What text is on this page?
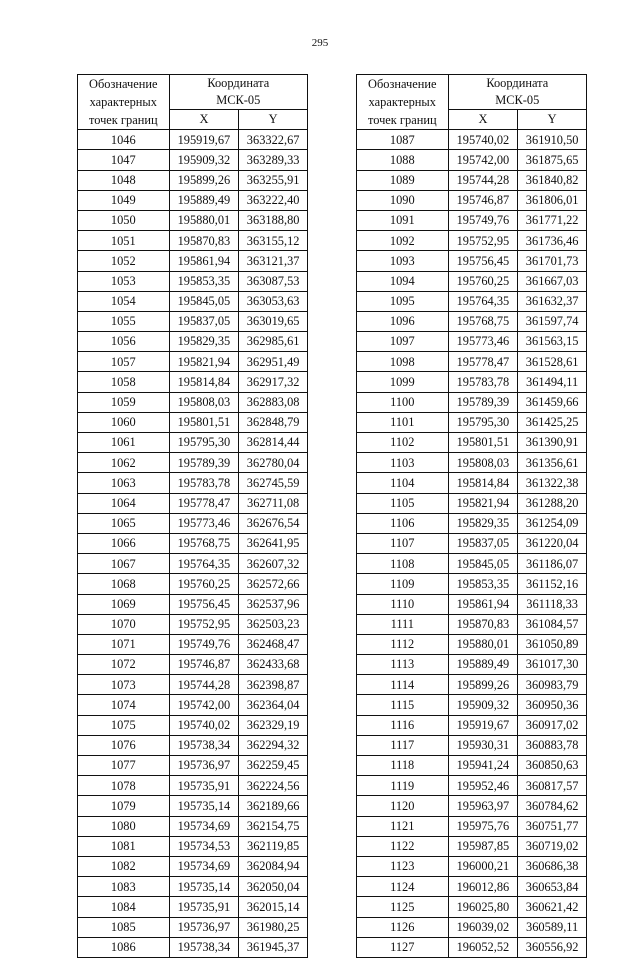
295
Обозначение
характерных
точек границ	Координата
МСК-05	
	X	Y
1046	195919,67	363322,67
1047	195909,32	363289,33
1048	195899,26	363255,91
1049	195889,49	363222,40
1050	195880,01	363188,80
1051	195870,83	363155,12
1052	195861,94	363121,37
1053	195853,35	363087,53
1054	195845,05	363053,63
1055	195837,05	363019,65
1056	195829,35	362985,61
1057	195821,94	362951,49
1058	195814,84	362917,32
1059	195808,03	362883,08
1060	195801,51	362848,79
1061	195795,30	362814,44
1062	195789,39	362780,04
1063	195783,78	362745,59
1064	195778,47	362711,08
1065	195773,46	362676,54
1066	195768,75	362641,95
1067	195764,35	362607,32
1068	195760,25	362572,66
1069	195756,45	362537,96
1070	195752,95	362503,23
1071	195749,76	362468,47
1072	195746,87	362433,68
1073	195744,28	362398,87
1074	195742,00	362364,04
1075	195740,02	362329,19
1076	195738,34	362294,32
1077	195736,97	362259,45
1078	195735,91	362224,56
1079	195735,14	362189,66
1080	195734,69	362154,75
1081	195734,53	362119,85
1082	195734,69	362084,94
1083	195735,14	362050,04
1084	195735,91	362015,14
1085	195736,97	361980,25
1086	195738,34	361945,37
Обозначение
характерных
точек границ	Координата
МСК-05	
	X	Y
1087	195740,02	361910,50
1088	195742,00	361875,65
1089	195744,28	361840,82
1090	195746,87	361806,01
1091	195749,76	361771,22
1092	195752,95	361736,46
1093	195756,45	361701,73
1094	195760,25	361667,03
1095	195764,35	361632,37
1096	195768,75	361597,74
1097	195773,46	361563,15
1098	195778,47	361528,61
1099	195783,78	361494,11
1100	195789,39	361459,66
1101	195795,30	361425,25
1102	195801,51	361390,91
1103	195808,03	361356,61
1104	195814,84	361322,38
1105	195821,94	361288,20
1106	195829,35	361254,09
1107	195837,05	361220,04
1108	195845,05	361186,07
1109	195853,35	361152,16
1110	195861,94	361118,33
1111	195870,83	361084,57
1112	195880,01	361050,89
1113	195889,49	361017,30
1114	195899,26	360983,79
1115	195909,32	360950,36
1116	195919,67	360917,02
1117	195930,31	360883,78
1118	195941,24	360850,63
1119	195952,46	360817,57
1120	195963,97	360784,62
1121	195975,76	360751,77
1122	195987,85	360719,02
1123	196000,21	360686,38
1124	196012,86	360653,84
1125	196025,80	360621,42
1126	196039,02	360589,11
1127	196052,52	360556,92
